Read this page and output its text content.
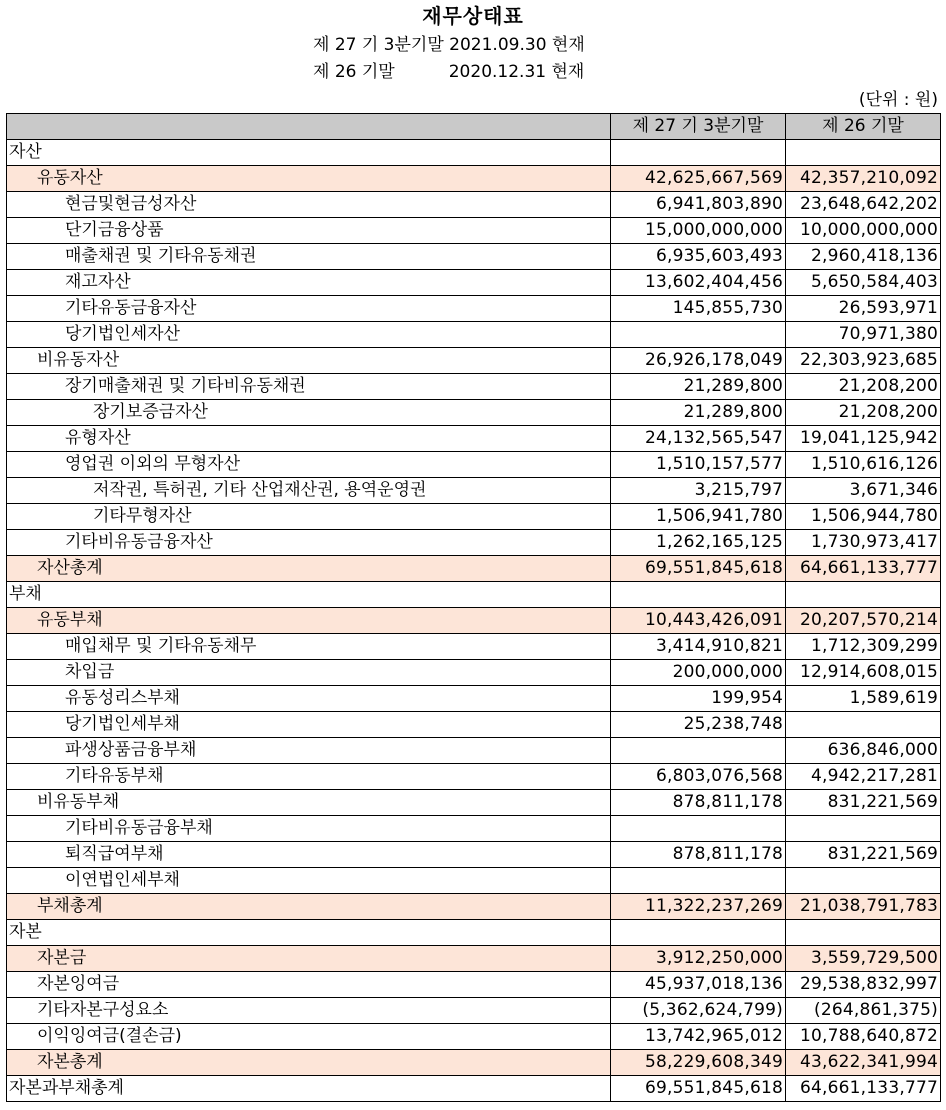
재무상태표
제 27 기 3분기말 2021.09.30 현재
제 26 기말          2020.12.31 현재
(단위 : 원)
	제 27 기 3분기말	제 26 기말
자산		
유동자산	42,625,667,569	42,357,210,092
현금및현금성자산	6,941,803,890	23,648,642,202
단기금융상품	15,000,000,000	10,000,000,000
매출채권 및 기타유동채권	6,935,603,493	2,960,418,136
재고자산	13,602,404,456	5,650,584,403
기타유동금융자산	145,855,730	26,593,971
당기법인세자산		70,971,380
비유동자산	26,926,178,049	22,303,923,685
장기매출채권 및 기타비유동채권	21,289,800	21,208,200
장기보증금자산	21,289,800	21,208,200
유형자산	24,132,565,547	19,041,125,942
영업권 이외의 무형자산	1,510,157,577	1,510,616,126
저작권, 특허권, 기타 산업재산권, 용역운영권	3,215,797	3,671,346
기타무형자산	1,506,941,780	1,506,944,780
기타비유동금융자산	1,262,165,125	1,730,973,417
자산총계	69,551,845,618	64,661,133,777
부채		
유동부채	10,443,426,091	20,207,570,214
매입채무 및 기타유동채무	3,414,910,821	1,712,309,299
차입금	200,000,000	12,914,608,015
유동성리스부채	199,954	1,589,619
당기법인세부채	25,238,748	
파생상품금융부채		636,846,000
기타유동부채	6,803,076,568	4,942,217,281
비유동부채	878,811,178	831,221,569
기타비유동금융부채		
퇴직급여부채	878,811,178	831,221,569
이연법인세부채		
부채총계	11,322,237,269	21,038,791,783
자본		
자본금	3,912,250,000	3,559,729,500
자본잉여금	45,937,018,136	29,538,832,997
기타자본구성요소	(5,362,624,799)	(264,861,375)
이익잉여금(결손금)	13,742,965,012	10,788,640,872
자본총계	58,229,608,349	43,622,341,994
자본과부채총계	69,551,845,618	64,661,133,777
